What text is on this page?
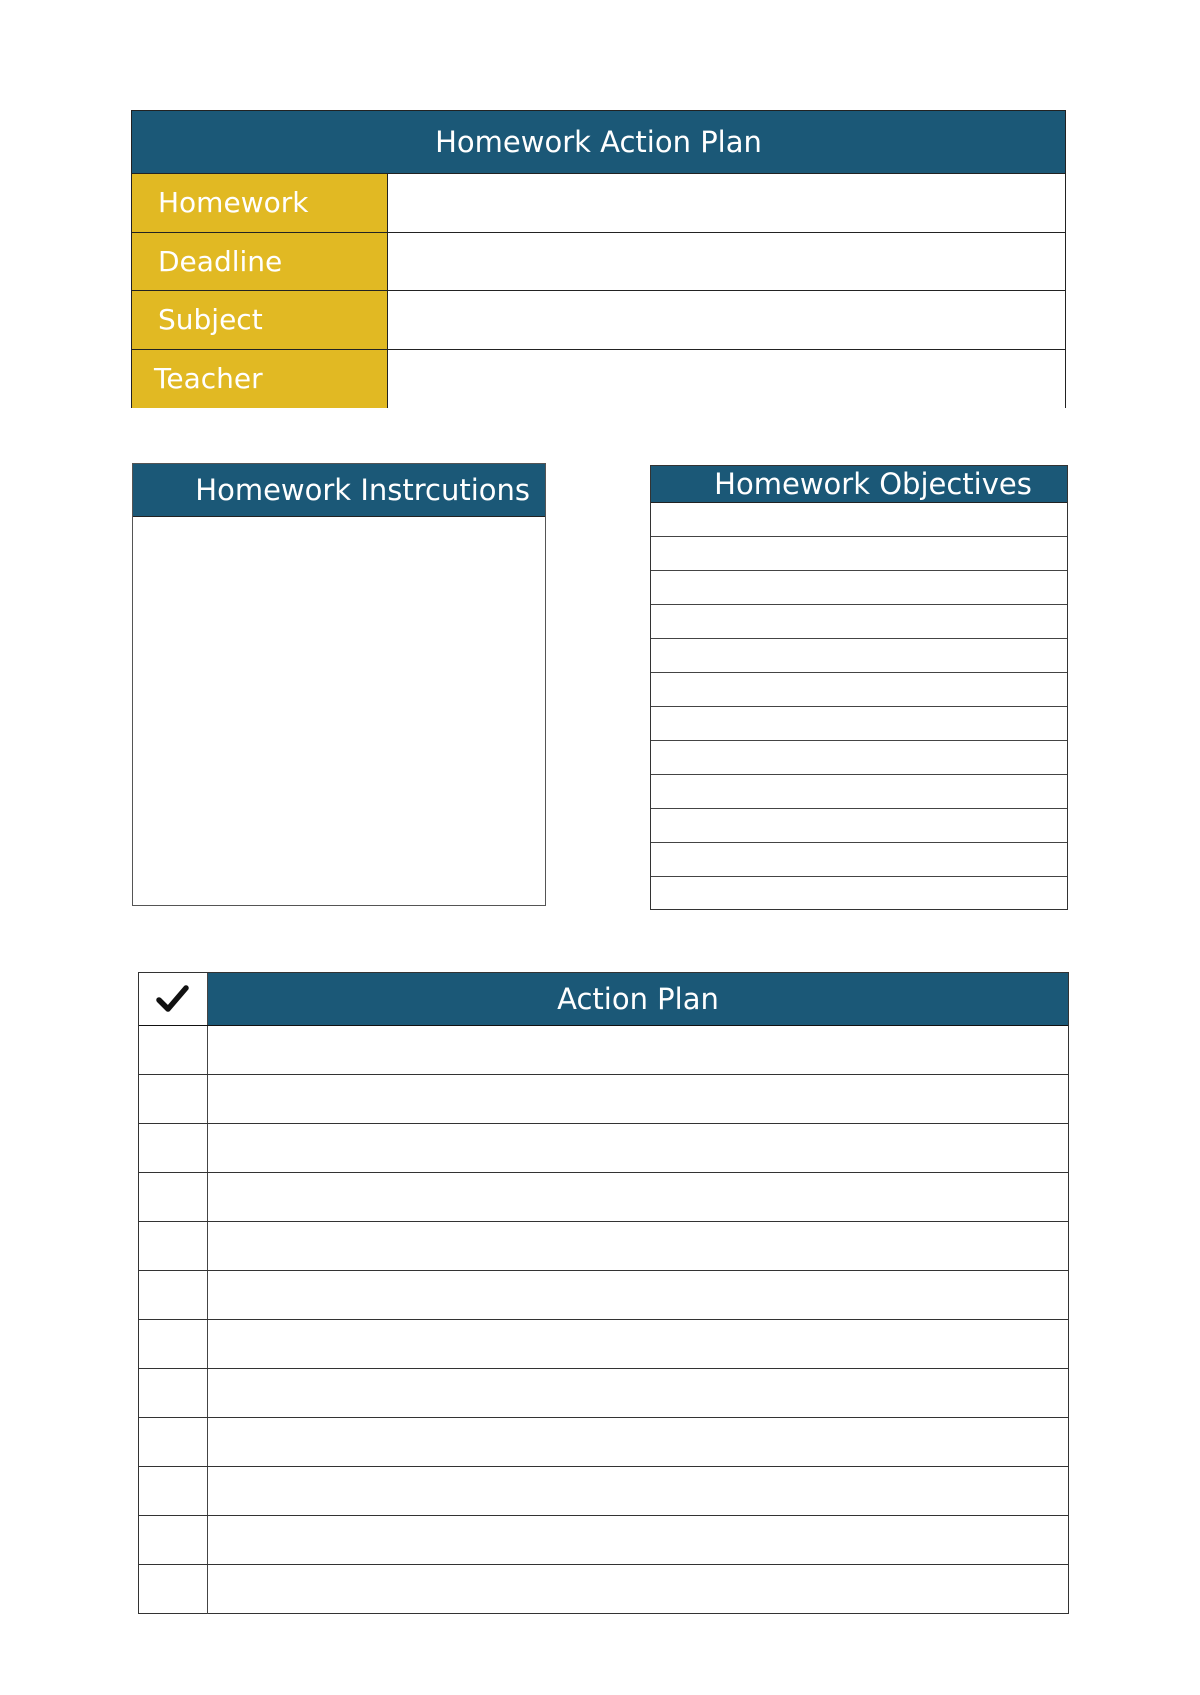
Homework Action Plan
Homework
Deadline
Subject
Teacher
Homework Instrcutions	Homework Objectives
Action Plan
